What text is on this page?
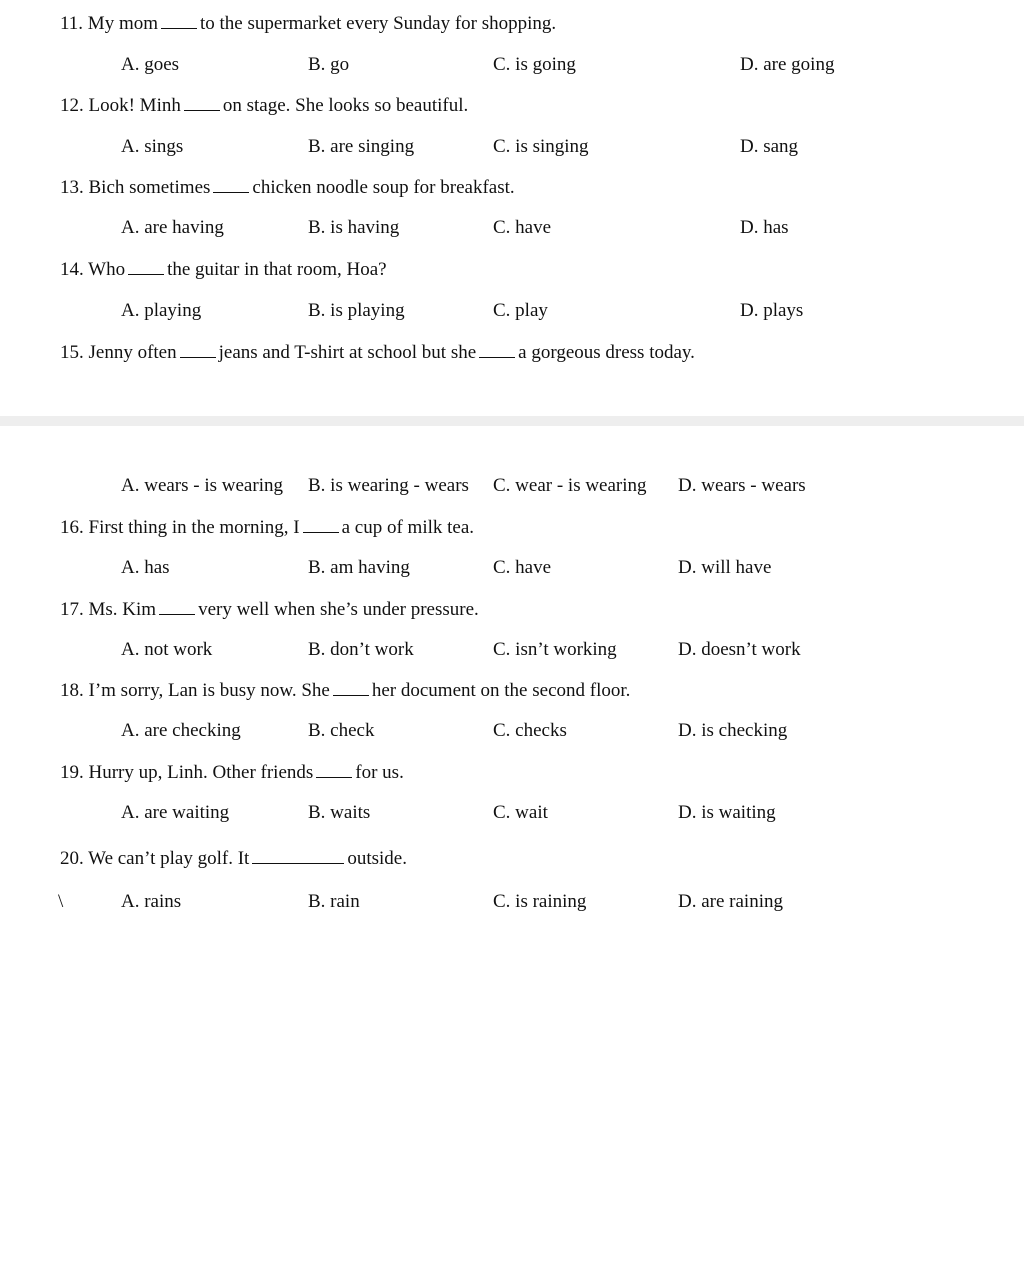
11. My mom to the supermarket every Sunday for shopping.
A. goes	B. go	C. is going	D. are going
12. Look! Minh on stage. She looks so beautiful.
A. sings	B. are singing	C. is singing	D. sang
13. Bich sometimes chicken noodle soup for breakfast.
A. are having	B. is having	C. have	D. has
14. Who the guitar in that room, Hoa?
A. playing	B. is playing	C. play	D. plays
15. Jenny often jeans and T-shirt at school but she a gorgeous dress today.
A. wears - is wearing B. is wearing - wears C. wear - is wearing D. wears - wears
16. First thing in the morning, I a cup of milk tea.
A. has	B. am having	C. have	D. will have
17. Ms. Kim very well when she’s under pressure.
A. not work	B. don’t work	C. isn’t working	D. doesn’t work
18. I’m sorry, Lan is busy now. She her document on the second floor.
A. are checking	B. check	C. checks	D. is checking
19. Hurry up, Linh. Other friends for us.
A. are waiting	B. waits	C. wait	D. is waiting
20. We can’t play golf. It	outside.
\	A. rains	B. rain	C. is raining	D. are raining
